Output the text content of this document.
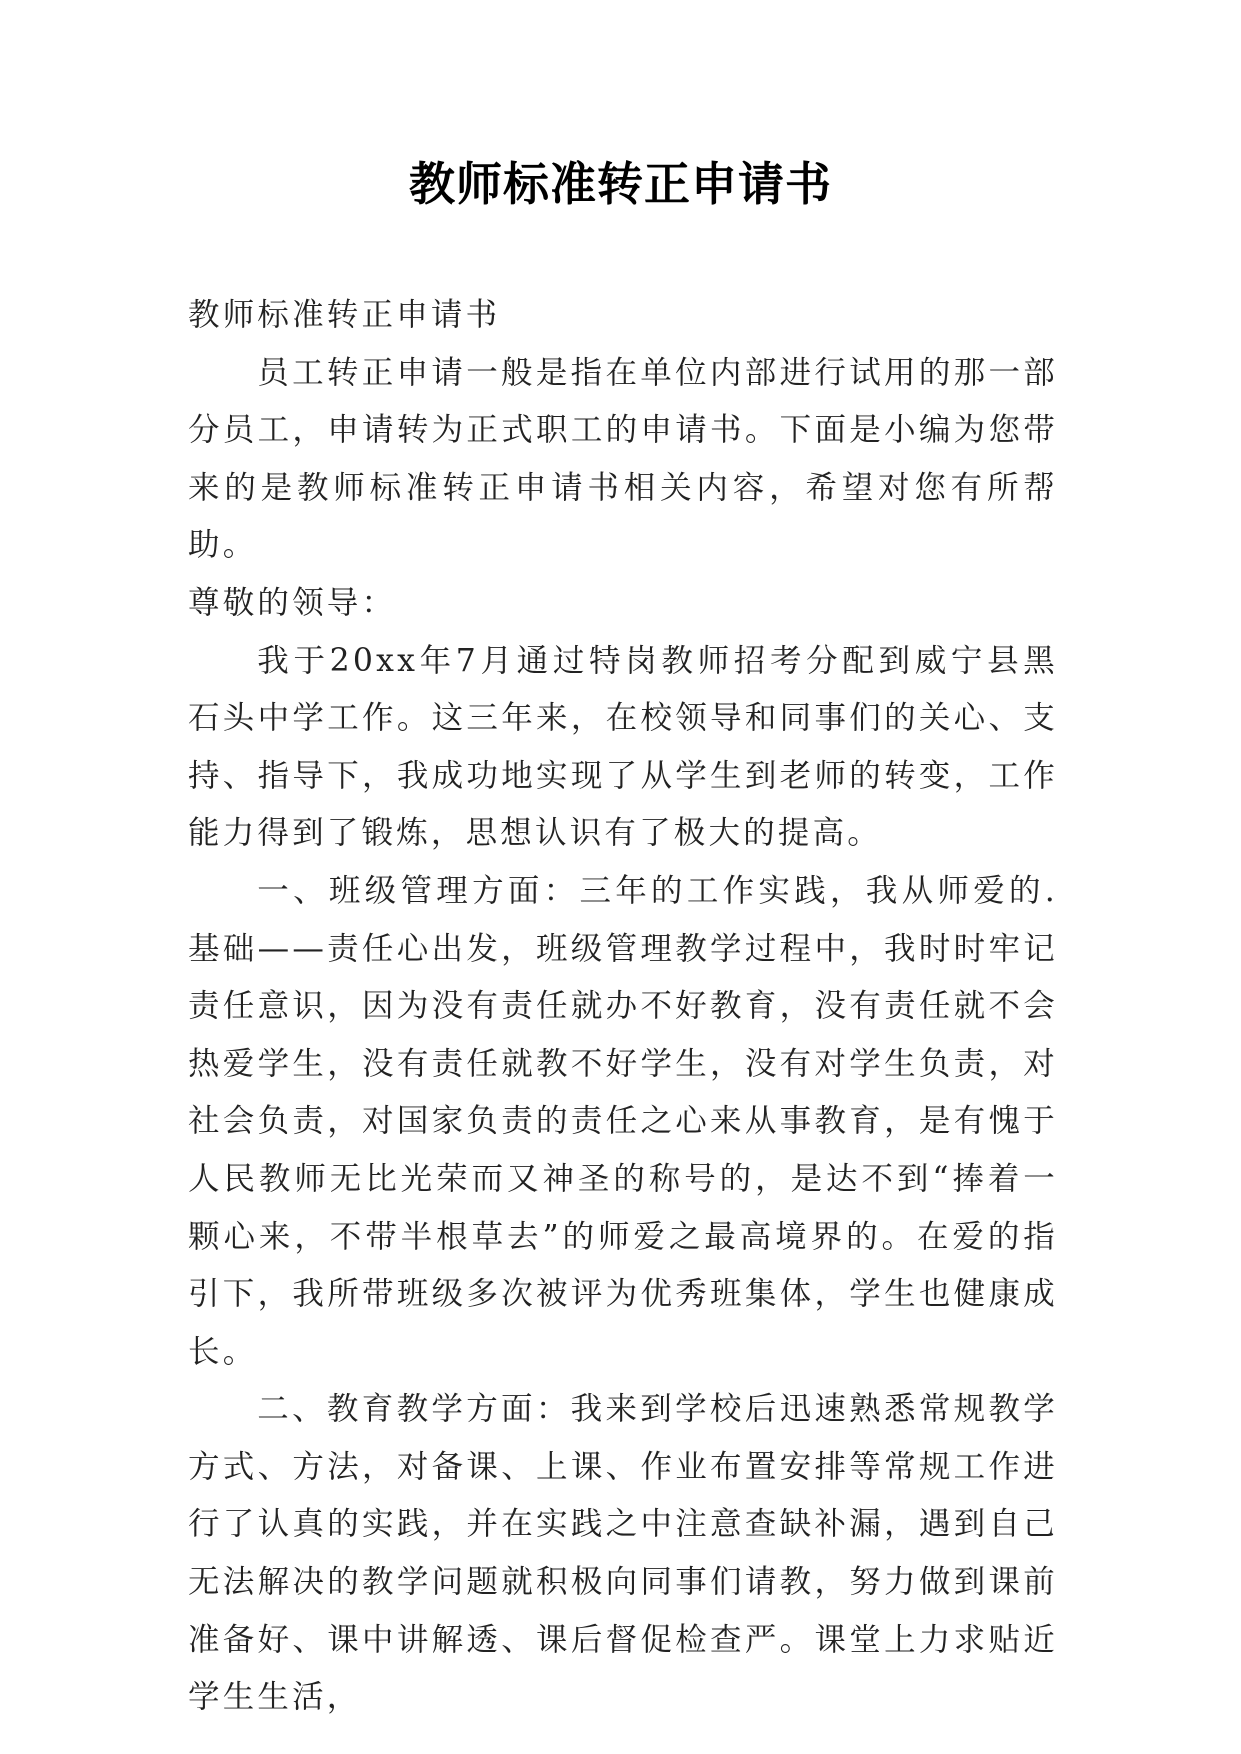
教师标准转正申请书

教师标准转正申请书

员工转正申请一般是指在单位内部进行试用的那一部分员工，申请转为正式职工的申请书。下面是小编为您带来的是教师标准转正申请书相关内容，希望对您有所帮助。

尊敬的领导：

我于20xx年7月通过特岗教师招考分配到威宁县黑石头中学工作。这三年来，在校领导和同事们的关心、支持、指导下，我成功地实现了从学生到老师的转变，工作能力得到了锻炼，思想认识有了极大的提高。

一、班级管理方面：三年的工作实践，我从师爱的.基础——责任心出发，班级管理教学过程中，我时时牢记责任意识，因为没有责任就办不好教育，没有责任就不会热爱学生，没有责任就教不好学生，没有对学生负责，对社会负责，对国家负责的责任之心来从事教育，是有愧于人民教师无比光荣而又神圣的称号的，是达不到“捧着一颗心来，不带半根草去”的师爱之最高境界的。在爱的指引下，我所带班级多次被评为优秀班集体，学生也健康成长。

二、教育教学方面：我来到学校后迅速熟悉常规教学方式、方法，对备课、上课、作业布置安排等常规工作进行了认真的实践，并在实践之中注意查缺补漏，遇到自己无法解决的教学问题就积极向同事们请教，努力做到课前准备好、课中讲解透、课后督促检查严。课堂上力求贴近学生生活，
